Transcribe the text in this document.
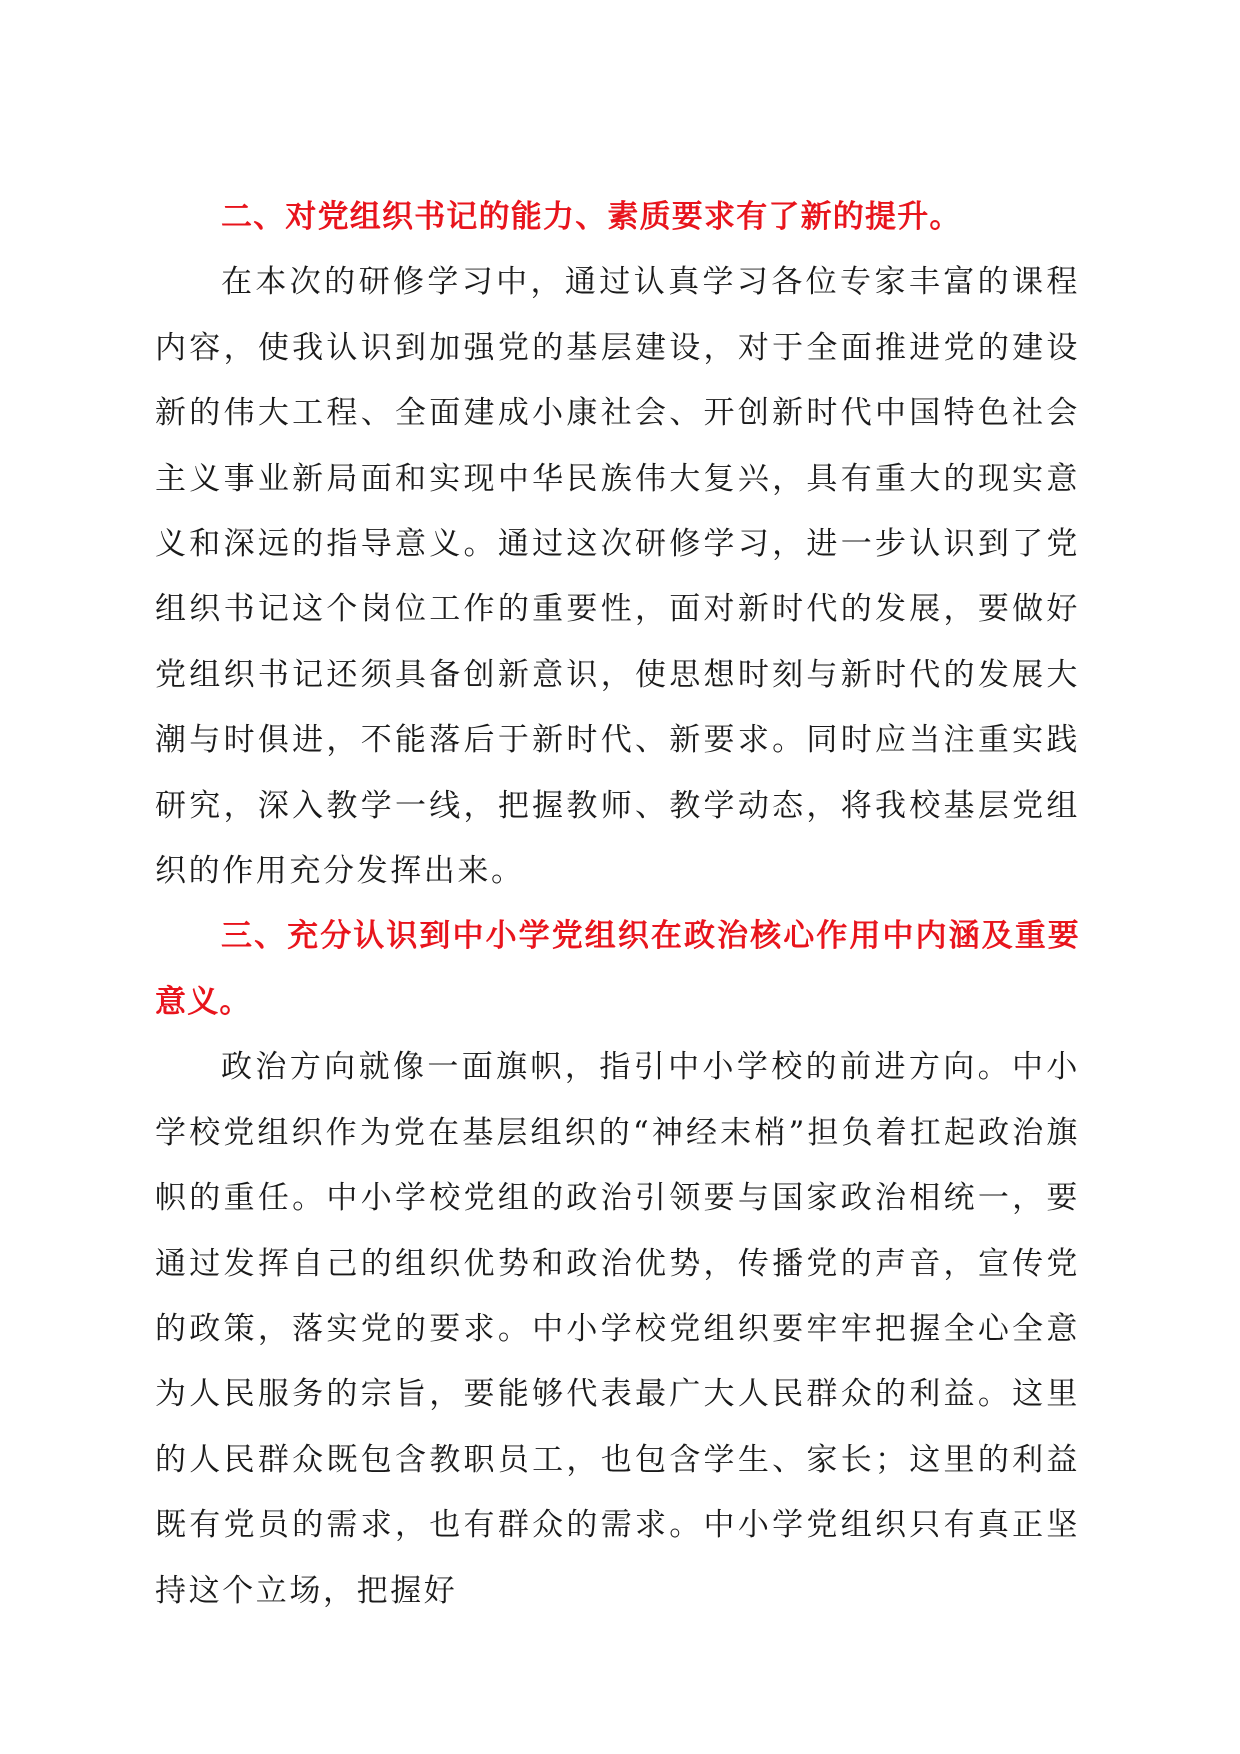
二、对党组织书记的能力、素质要求有了新的提升。

在本次的研修学习中，通过认真学习各位专家丰富的课程内容，使我认识到加强党的基层建设，对于全面推进党的建设新的伟大工程、全面建成小康社会、开创新时代中国特色社会主义事业新局面和实现中华民族伟大复兴，具有重大的现实意义和深远的指导意义。通过这次研修学习，进一步认识到了党组织书记这个岗位工作的重要性，面对新时代的发展，要做好党组织书记还须具备创新意识，使思想时刻与新时代的发展大潮与时俱进，不能落后于新时代、新要求。同时应当注重实践研究，深入教学一线，把握教师、教学动态，将我校基层党组织的作用充分发挥出来。

三、充分认识到中小学党组织在政治核心作用中内涵及重要意义。

政治方向就像一面旗帜，指引中小学校的前进方向。中小学校党组织作为党在基层组织的“神经末梢”担负着扛起政治旗帜的重任。中小学校党组的政治引领要与国家政治相统一，要通过发挥自己的组织优势和政治优势，传播党的声音，宣传党的政策，落实党的要求。中小学校党组织要牢牢把握全心全意为人民服务的宗旨，要能够代表最广大人民群众的利益。这里的人民群众既包含教职员工，也包含学生、家长；这里的利益既有党员的需求，也有群众的需求。中小学党组织只有真正坚持这个立场，把握好
